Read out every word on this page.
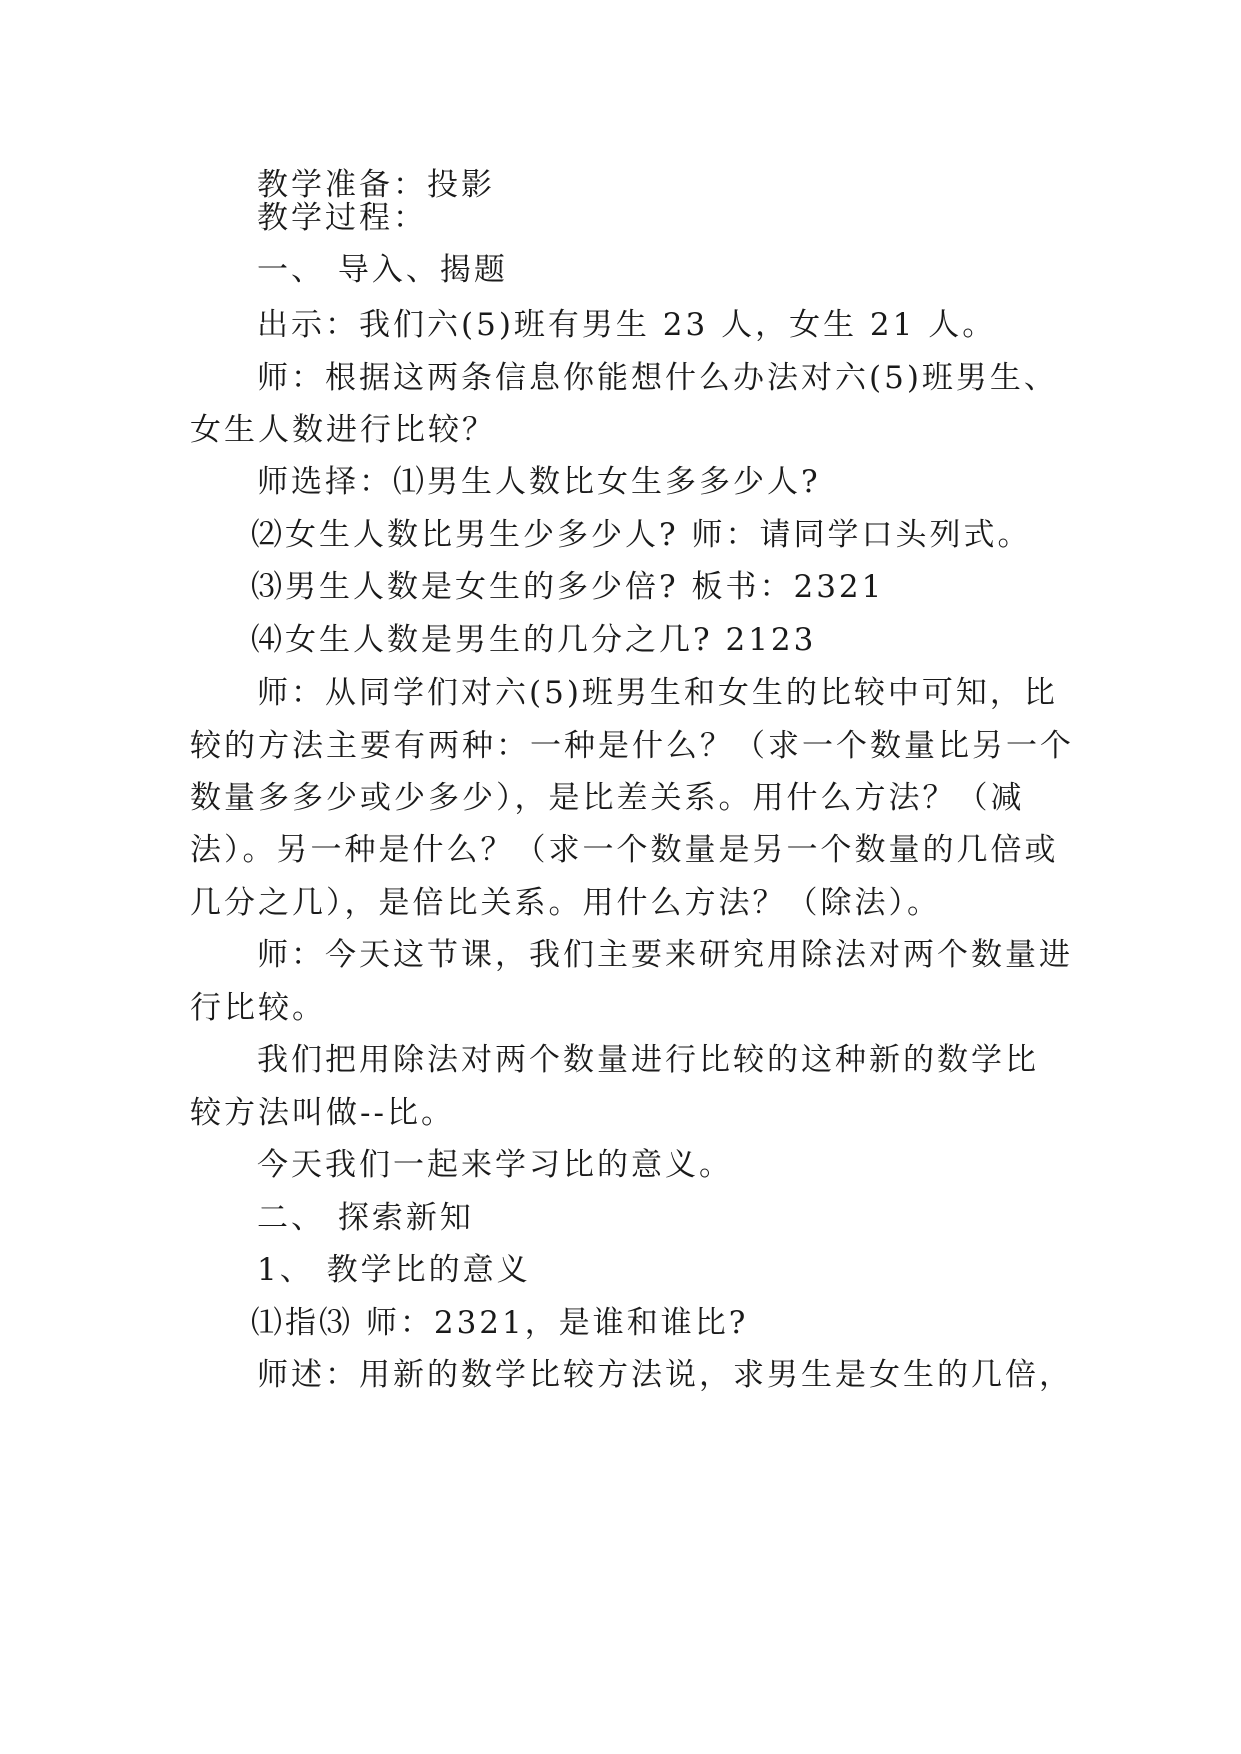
教学准备：投影
教学过程：
一、 导入、揭题
出示：我们六(5)班有男生 23 人，女生 21 人。
师：根据这两条信息你能想什么办法对六(5)班男生、
女生人数进行比较？
师选择：⑴男生人数比女生多多少人?
⑵女生人数比男生少多少人? 师：请同学口头列式。
⑶男生人数是女生的多少倍? 板书：2321
⑷女生人数是男生的几分之几? 2123
师：从同学们对六(5)班男生和女生的比较中可知，比
较的方法主要有两种：一种是什么？（求一个数量比另一个
数量多多少或少多少），是比差关系。用什么方法？（减
法）。另一种是什么？（求一个数量是另一个数量的几倍或
几分之几），是倍比关系。用什么方法？（除法）。
师：今天这节课，我们主要来研究用除法对两个数量进
行比较。
我们把用除法对两个数量进行比较的这种新的数学比
较方法叫做--比。
今天我们一起来学习比的意义。
二、 探索新知
1、 教学比的意义
⑴指⑶ 师：2321，是谁和谁比?
师述：用新的数学比较方法说，求男生是女生的几倍，
